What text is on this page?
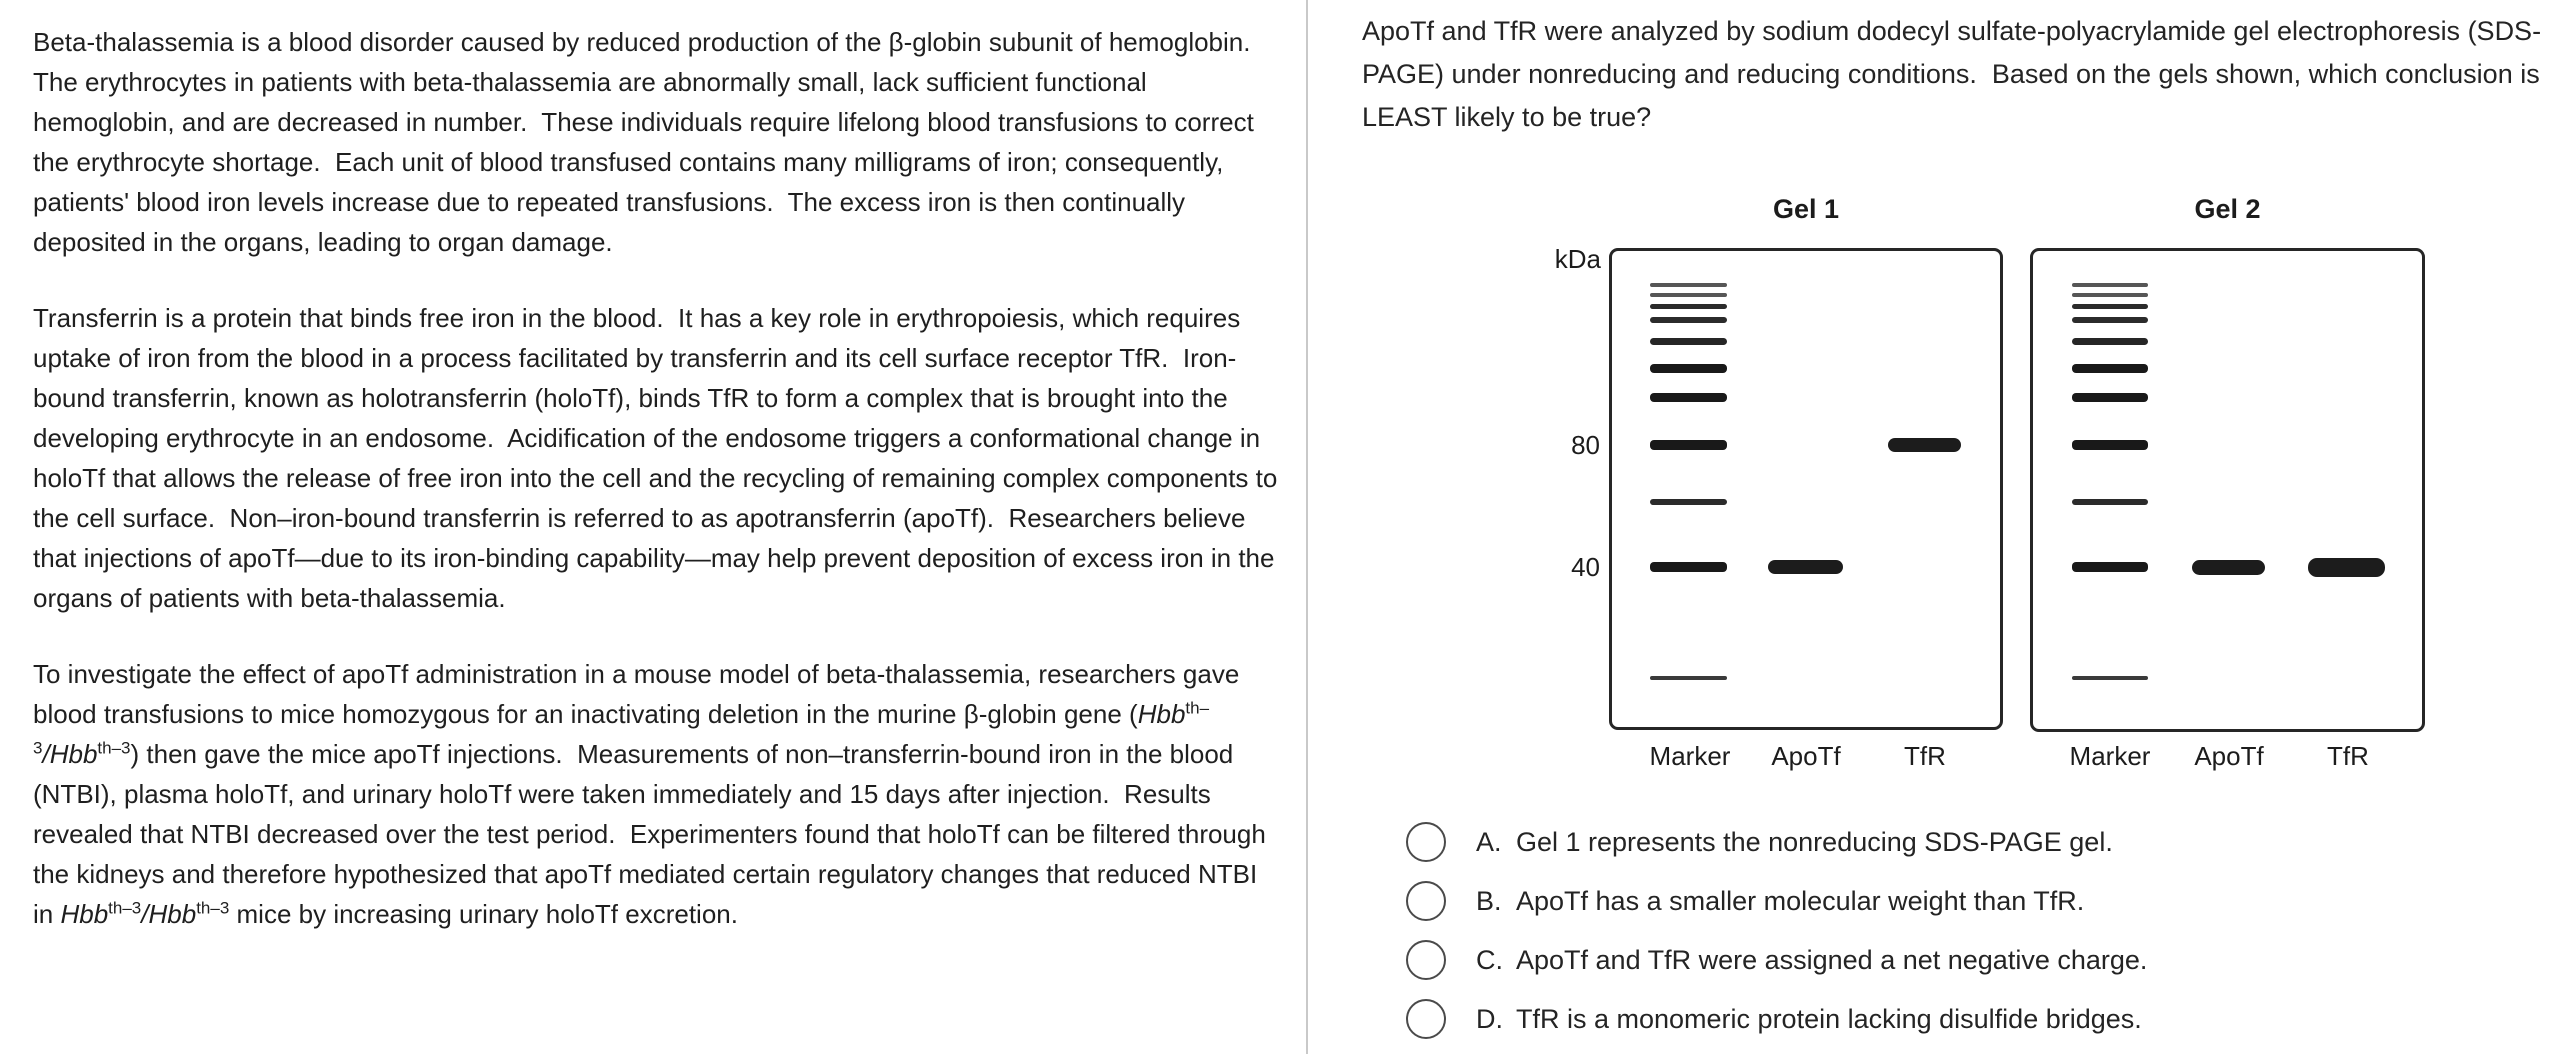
Beta-thalassemia is a blood disorder caused by reduced production of the β-globin subunit of hemoglobin.  The erythrocytes in patients with beta-thalassemia are abnormally small, lack sufficient functional hemoglobin, and are decreased in number.  These individuals require lifelong blood transfusions to correct the erythrocyte shortage.  Each unit of blood transfused contains many milligrams of iron; consequently, patients' blood iron levels increase due to repeated transfusions.  The excess iron is then continually deposited in the organs, leading to organ damage.

Transferrin is a protein that binds free iron in the blood.  It has a key role in erythropoiesis, which requires uptake of iron from the blood in a process facilitated by transferrin and its cell surface receptor TfR.  Iron-bound transferrin, known as holotransferrin (holoTf), binds TfR to form a complex that is brought into the developing erythrocyte in an endosome.  Acidification of the endosome triggers a conformational change in holoTf that allows the release of free iron into the cell and the recycling of remaining complex components to the cell surface.  Non–iron-bound transferrin is referred to as apotransferrin (apoTf).  Researchers believe that injections of apoTf—due to its iron-binding capability—may help prevent deposition of excess iron in the organs of patients with beta-thalassemia.

To investigate the effect of apoTf administration in a mouse model of beta-thalassemia, researchers gave blood transfusions to mice homozygous for an inactivating deletion in the murine β-globin gene (Hbb$^{th-3}$/Hbb$^{th-3}$) then gave the mice apoTf injections.  Measurements of non–transferrin-bound iron in the blood (NTBI), plasma holoTf, and urinary holoTf were taken immediately and 15 days after injection.  Results revealed that NTBI decreased over the test period.  Experimenters found that holoTf can be filtered through the kidneys and therefore hypothesized that apoTf mediated certain regulatory changes that reduced NTBI in Hbb$^{th-3}$/Hbb$^{th-3}$ mice by increasing urinary holoTf excretion.

ApoTf and TfR were analyzed by sodium dodecyl sulfate-polyacrylamide gel electrophoresis (SDS-PAGE) under nonreducing and reducing conditions.  Based on the gels shown, which conclusion is LEAST likely to be true?
kDa
80
40
Gel 1
Marker	ApoTf	TfR
Gel 2
Marker	ApoTf	TfR
A. Gel 1 represents the nonreducing SDS-PAGE gel.
B. ApoTf has a smaller molecular weight than TfR.
C. ApoTf and TfR were assigned a net negative charge.
D. TfR is a monomeric protein lacking disulfide bridges.
